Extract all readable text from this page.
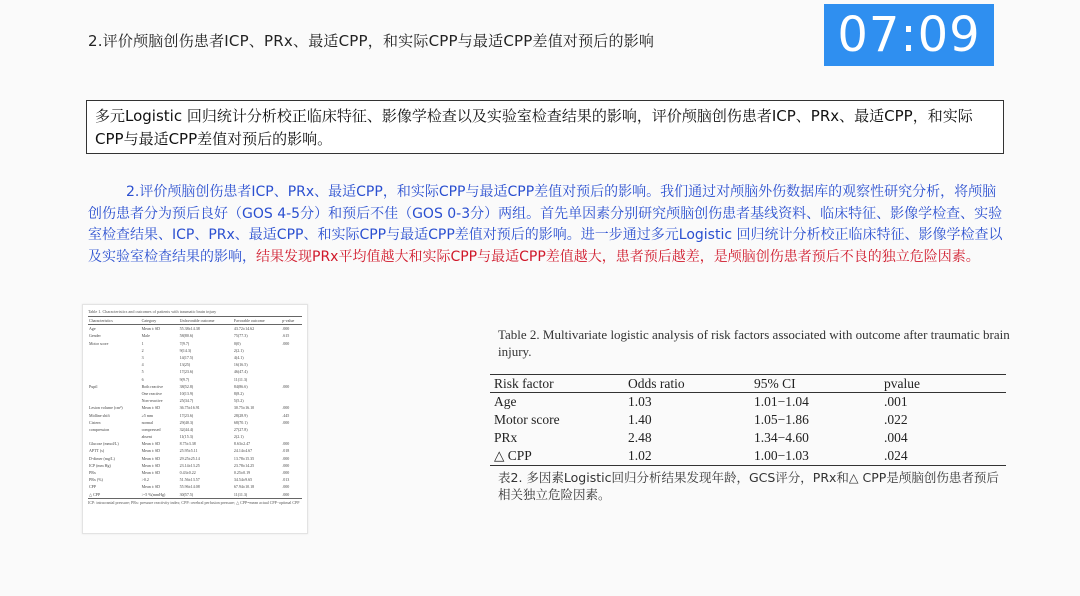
2.评价颅脑创伤患者ICP、PRx、最适CPP，和实际CPP与最适CPP差值对预后的影响	07:09
多元Logistic 回归统计分析校正临床特征、影像学检查以及实验室检查结果的影响，评价颅脑创伤患者ICP、PRx、最适CPP，和实际CPP与最适CPP差值对预后的影响。
2.评价颅脑创伤患者ICP、PRx、最适CPP，和实际CPP与最适CPP差值对预后的影响。我们通过对颅脑外伤数据库的观察性研究分析，将颅脑创伤患者分为预后良好（GOS 4-5分）和预后不佳（GOS 0-3分）两组。首先单因素分别研究颅脑创伤患者基线资料、临床特征、影像学检查、实验室检查结果、ICP、PRx、最适CPP、和实际CPP与最适CPP差值对预后的影响。进一步通过多元Logistic 回归统计分析校正临床特征、影像学检查以及实验室检查结果的影响，结果发现PRx平均值越大和实际CPP与最适CPP差值越大，患者预后越差，是颅脑创伤患者预后不良的独立危险因素。
Table 1. Characteristics and outcomes of patients with traumatic brain injury
Characteristics	Category	Unfavorable outcome	Favorable outcome	p-value
Age	Mean ± SD	55.38±14.38	43.72±14.62	.000
Gender	Male	58(80.6)	75(77.3)	.615
Motor score	1	7(9.7)	0(0)	.000
	2	9(14.3)	2(2.1)	
	3	14(17.5)	4(4.1)	
	4	13(25)	16(16.5)	
	5	17(23.6)	46(47.4)	
	6	9(9.7)	11(11.3)	
Pupil	Both reactive	38(52.8)	84(86.6)	.000
	One reactive	10(13.9)	8(8.2)	
	Non-reactive	25(34.7)	5(5.2)	
Lesion volume (cm³)	Mean ± SD	36.75±16.91	30.75±16.10	.000
Midline shift	≥5 mm	17(23.6)	28(28.9)	.445
Cistern	normal	29(40.3)	68(70.1)	.000
compression	compressed	32(44.4)	27(27.8)	
	absent	11(15.3)	2(2.1)	
Glucose (mmol/L)	Mean ± SD	8.75±3.38	8.63±2.47	.000
APTT (s)	Mean ± SD	25.95±5.11	24.14±4.67	.018
D-dimer (mg/L)	Mean ± SD	29.25±25.14	13.78±15.35	.000
ICP (mm Hg)	Mean ± SD	23.14±13.25	23.78±14.25	.000
PRx	Mean ± SD	0.43±0.22	0.25±0.19	.000
PRx (%)	>0.2	51.56±13.57	34.54±9.65	.013
CPP	Mean ± SD	55.96±14.08	67.94±10.18	.000
△ CPP	>-5 %(mmHg)	30(57.5)	11(11.3)	.000
ICP: intracranial pressure; PRx: pressure reactivity index; CPP: cerebral perfusion pressure; △ CPP=mean actual CPP−optimal CPP
Table 2. Multivariate logistic analysis of risk factors associated with outcome after traumatic brain injury.
Risk factor	Odds ratio	95% CI	pvalue
Age	1.03	1.01−1.04	.001
Motor score	1.40	1.05−1.86	.022
PRx	2.48	1.34−4.60	.004
△ CPP	1.02	1.00−1.03	.024
表2. 多因素Logistic回归分析结果发现年龄，GCS评分，PRx和△ CPP是颅脑创伤患者预后相关独立危险因素。
